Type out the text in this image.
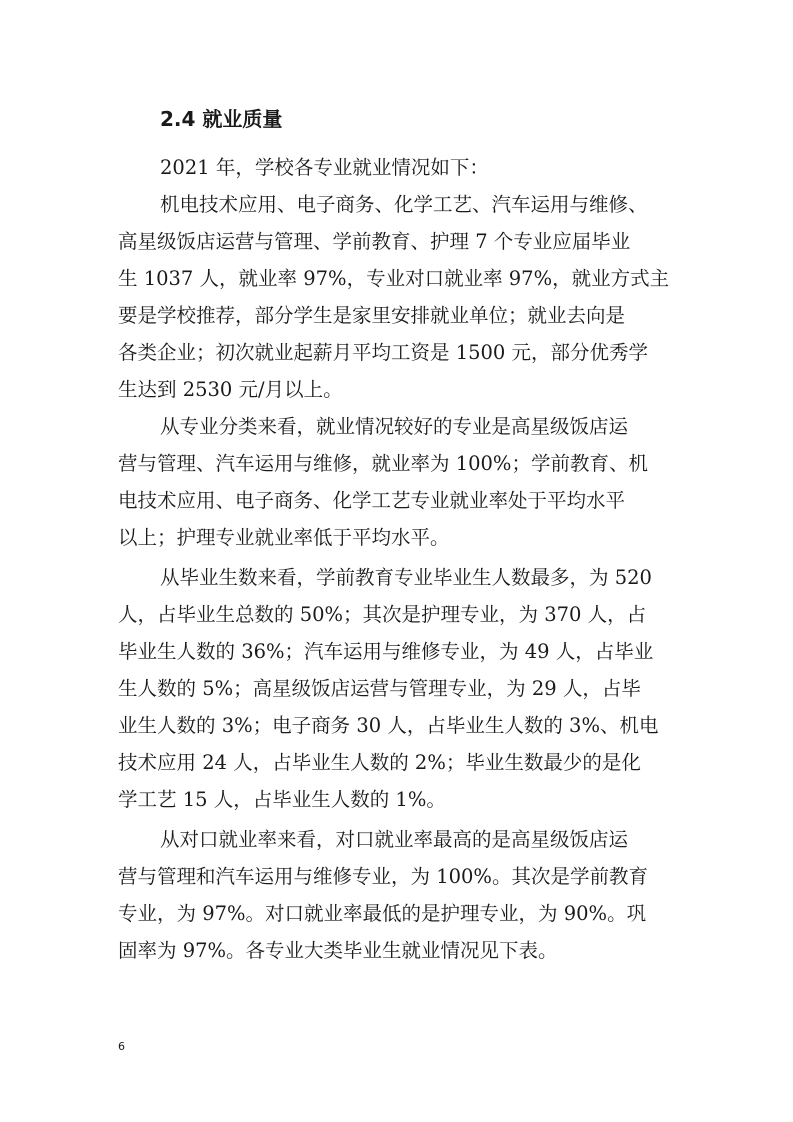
2.4 就业质量

2021 年，学校各专业就业情况如下：

机电技术应用、电子商务、化学工艺、汽车运用与维修、

高星级饭店运营与管理、学前教育、护理 7 个专业应届毕业

生 1037 人，就业率 97%，专业对口就业率 97%，就业方式主

要是学校推荐，部分学生是家里安排就业单位；就业去向是

各类企业；初次就业起薪月平均工资是 1500 元，部分优秀学

生达到 2530 元/月以上。

从专业分类来看，就业情况较好的专业是高星级饭店运

营与管理、汽车运用与维修，就业率为 100%；学前教育、机

电技术应用、电子商务、化学工艺专业就业率处于平均水平

以上；护理专业就业率低于平均水平。

从毕业生数来看，学前教育专业毕业生人数最多，为 520

人，占毕业生总数的 50%；其次是护理专业，为 370 人，占

毕业生人数的 36%；汽车运用与维修专业，为 49 人，占毕业

生人数的 5%；高星级饭店运营与管理专业，为 29 人，占毕

业生人数的 3%；电子商务 30 人，占毕业生人数的 3%、机电

技术应用 24 人，占毕业生人数的 2%；毕业生数最少的是化

学工艺 15 人，占毕业生人数的 1%。

从对口就业率来看，对口就业率最高的是高星级饭店运

营与管理和汽车运用与维修专业，为 100%。其次是学前教育

专业，为 97%。对口就业率最低的是护理专业，为 90%。巩

固率为 97%。各专业大类毕业生就业情况见下表。

6
